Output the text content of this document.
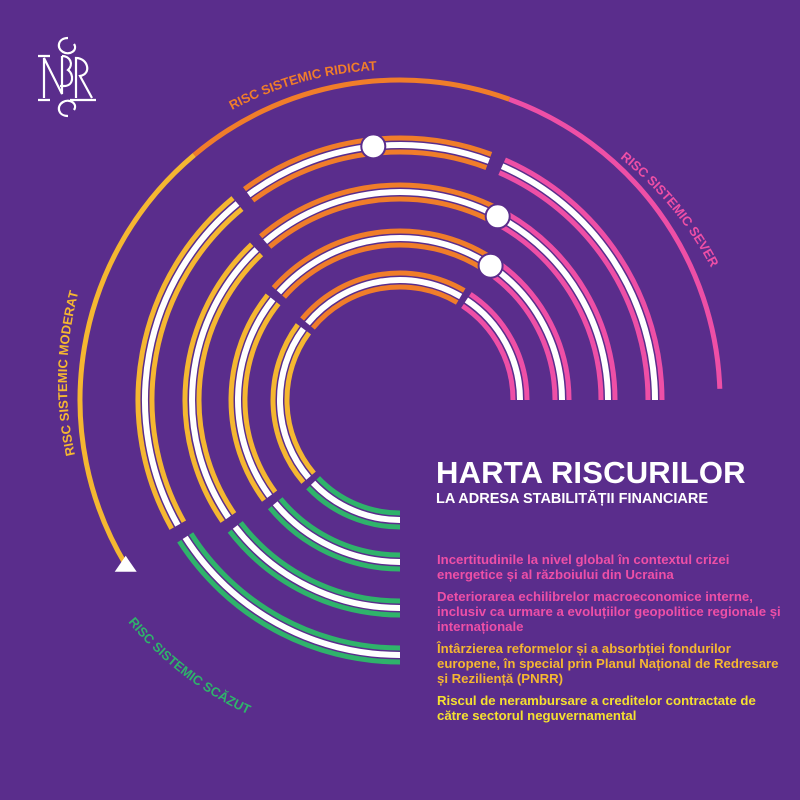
RISC SISTEMIC MODERAT
RISC SISTEMIC RIDICAT
RISC SISTEMIC SEVER
RISC SISTEMIC SCĂZUT
HARTA RISCURILOR
LA ADRESA STABILITĂȚII FINANCIARE
Incertitudinile la nivel global în contextul crizei energetice și al războiului din Ucraina
Deteriorarea echilibrelor macroeconomice interne, inclusiv ca urmare a evoluțiilor geopolitice regionale și internaționale
Întârzierea reformelor și a absorbției fondurilor europene, în special prin Planul Național de Redresare și Reziliență (PNRR)
Riscul de nerambursare a creditelor contractate de către sectorul neguvernamental
